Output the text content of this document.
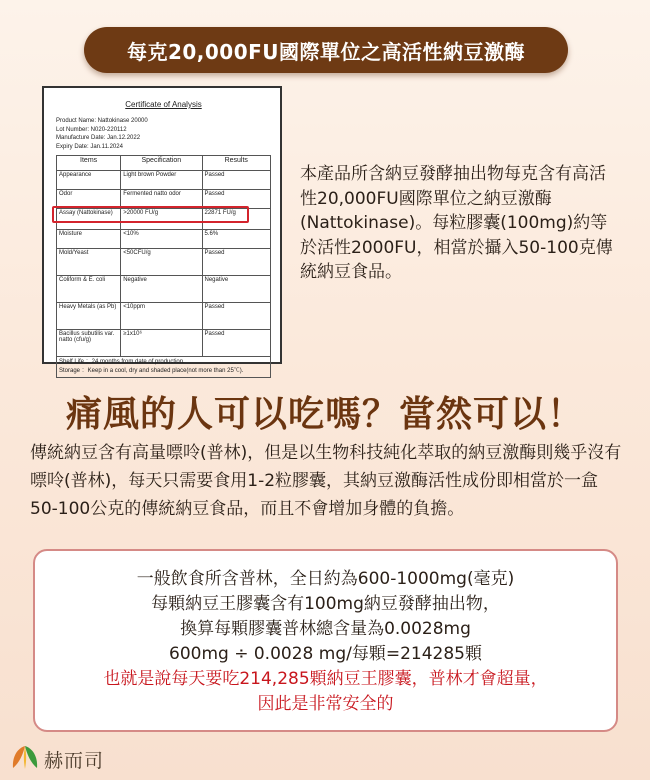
每克20,000FU國際單位之高活性納豆激酶
Certificate of Analysis
Product Name: Nattokinase 20000
Lot Number: N020-220112
Manufacture Date: Jan.12.2022
Expiry Date: Jan.11.2024
Items	Specification	Results
Appearance	Light brown Powder	Passed
Odor	Fermented natto odor	Passed
Assay (Nattokinase)	>20000 FU/g	22871 FU/g
Moisture	<10%	5.6%
Mold/Yeast	<50CFU/g	Passed
Coliform & E. coli	Negative	Negative
Heavy Metals (as Pb)	<10ppm	Passed
Bacillus subutilis var. natto (cfu/g)	≥1x10⁶	Passed

Shelf Life ：24 months from date of production.
Storage ：Keep in a cool, dry and shaded place(not more than 25℃).		
本產品所含納豆發酵抽出物每克含有高活性20,000FU國際單位之納豆激酶(Nattokinase)。每粒膠囊(100mg)約等於活性2000FU，相當於攝入50-100克傳統納豆食品。
痛風的人可以吃嗎？當然可以！
傳統納豆含有高量嘌呤(普林)，但是以生物科技純化萃取的納豆激酶則幾乎沒有嘌呤(普林)，每天只需要食用1-2粒膠囊，其納豆激酶活性成份即相當於一盒50-100公克的傳統納豆食品，而且不會增加身體的負擔。
一般飲食所含普林，全日約為600-1000mg(毫克)
每顆納豆王膠囊含有100mg納豆發酵抽出物，
換算每顆膠囊普林總含量為0.0028mg
600mg ÷ 0.0028 mg/每顆=214285顆
也就是說每天要吃214,285顆納豆王膠囊，普林才會超量，
因此是非常安全的
赫而司
